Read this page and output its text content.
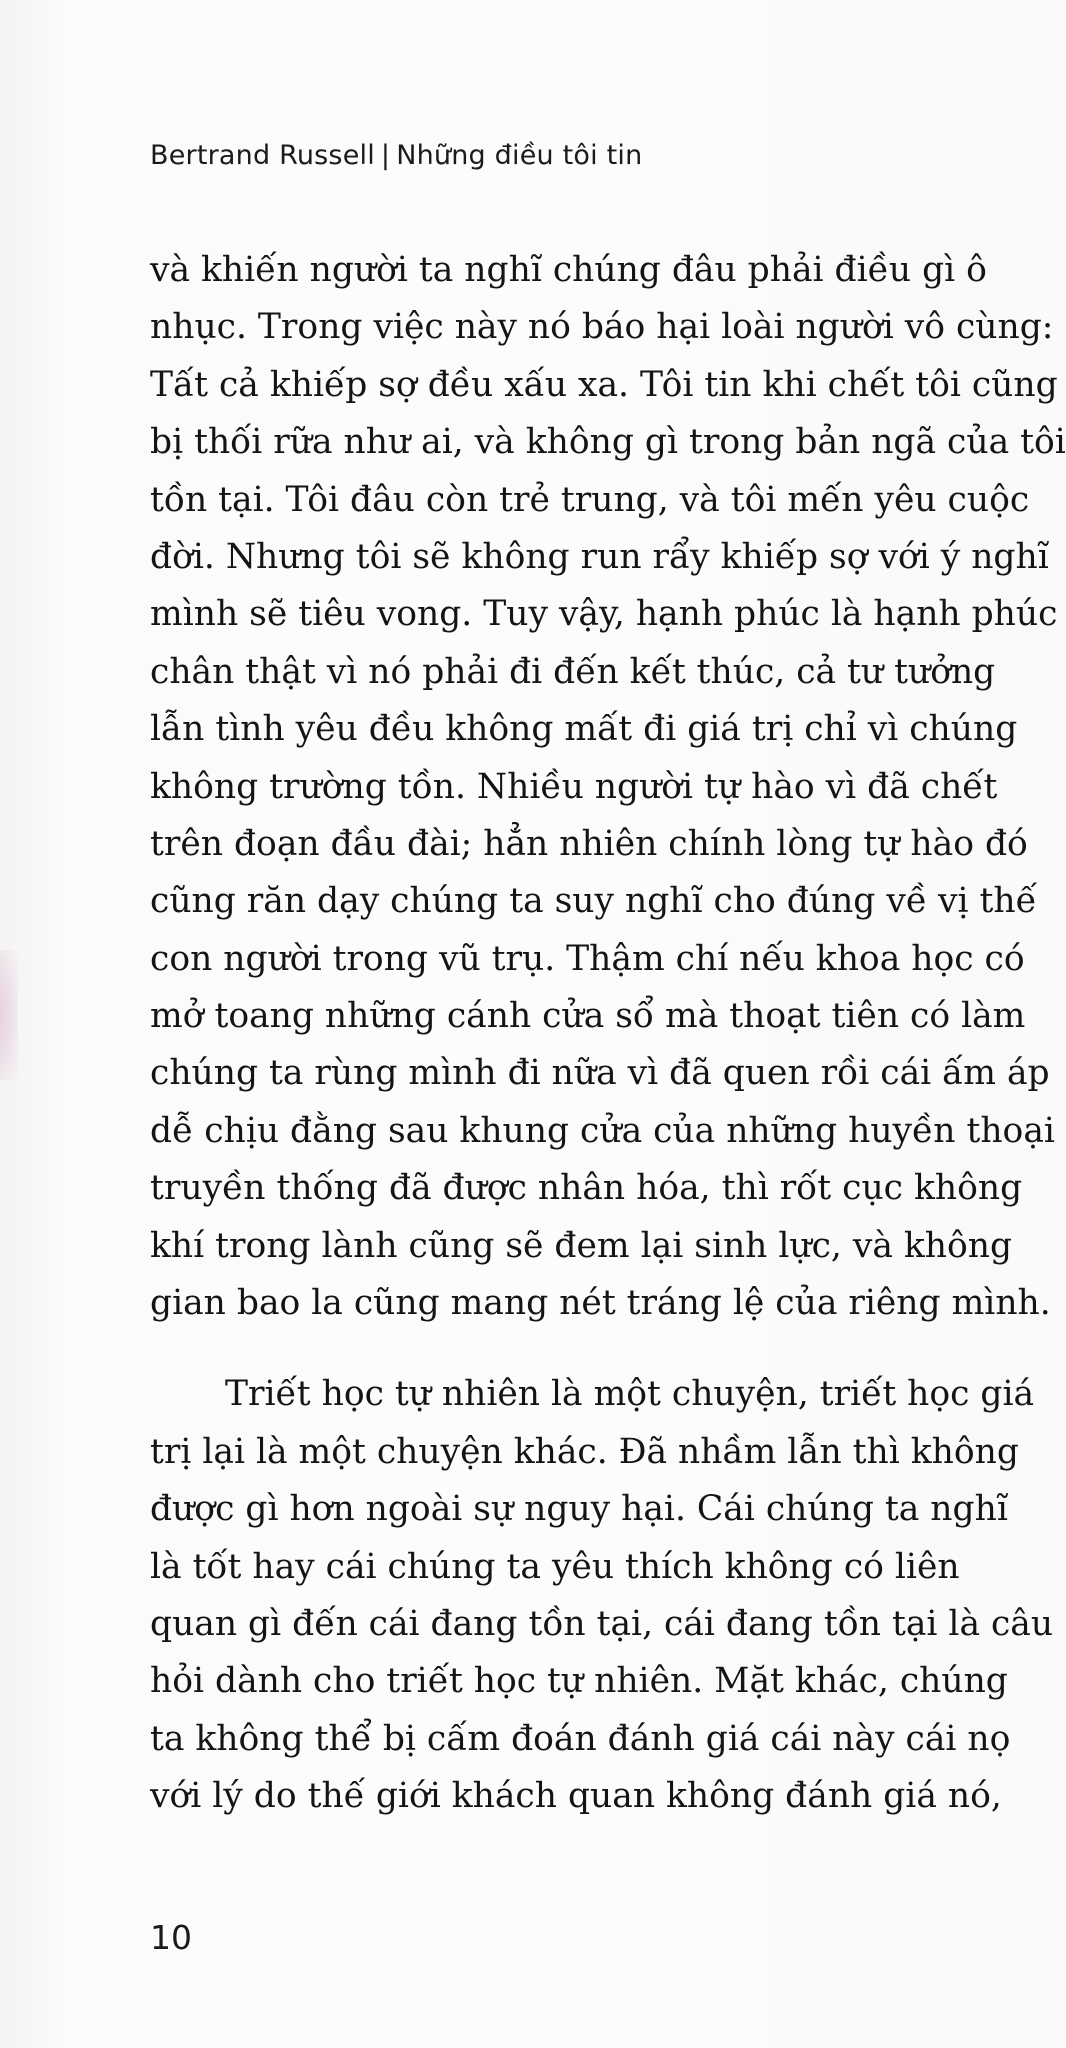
Bertrand Russell | Những điều tôi tin
và khiến người ta nghĩ chúng đâu phải điều gì ô
nhục. Trong việc này nó báo hại loài người vô cùng:
Tất cả khiếp sợ đều xấu xa. Tôi tin khi chết tôi cũng
bị thối rữa như ai, và không gì trong bản ngã của tôi
tồn tại. Tôi đâu còn trẻ trung, và tôi mến yêu cuộc
đời. Nhưng tôi sẽ không run rẩy khiếp sợ với ý nghĩ
mình sẽ tiêu vong. Tuy vậy, hạnh phúc là hạnh phúc
chân thật vì nó phải đi đến kết thúc, cả tư tưởng
lẫn tình yêu đều không mất đi giá trị chỉ vì chúng
không trường tồn. Nhiều người tự hào vì đã chết
trên đoạn đầu đài; hẳn nhiên chính lòng tự hào đó
cũng răn dạy chúng ta suy nghĩ cho đúng về vị thế
con người trong vũ trụ. Thậm chí nếu khoa học có
mở toang những cánh cửa sổ mà thoạt tiên có làm
chúng ta rùng mình đi nữa vì đã quen rồi cái ấm áp
dễ chịu đằng sau khung cửa của những huyền thoại
truyền thống đã được nhân hóa, thì rốt cục không
khí trong lành cũng sẽ đem lại sinh lực, và không
gian bao la cũng mang nét tráng lệ của riêng mình.
Triết học tự nhiên là một chuyện, triết học giá
trị lại là một chuyện khác. Đã nhầm lẫn thì không
được gì hơn ngoài sự nguy hại. Cái chúng ta nghĩ
là tốt hay cái chúng ta yêu thích không có liên
quan gì đến cái đang tồn tại, cái đang tồn tại là câu
hỏi dành cho triết học tự nhiên. Mặt khác, chúng
ta không thể bị cấm đoán đánh giá cái này cái nọ
với lý do thế giới khách quan không đánh giá nó,
10
